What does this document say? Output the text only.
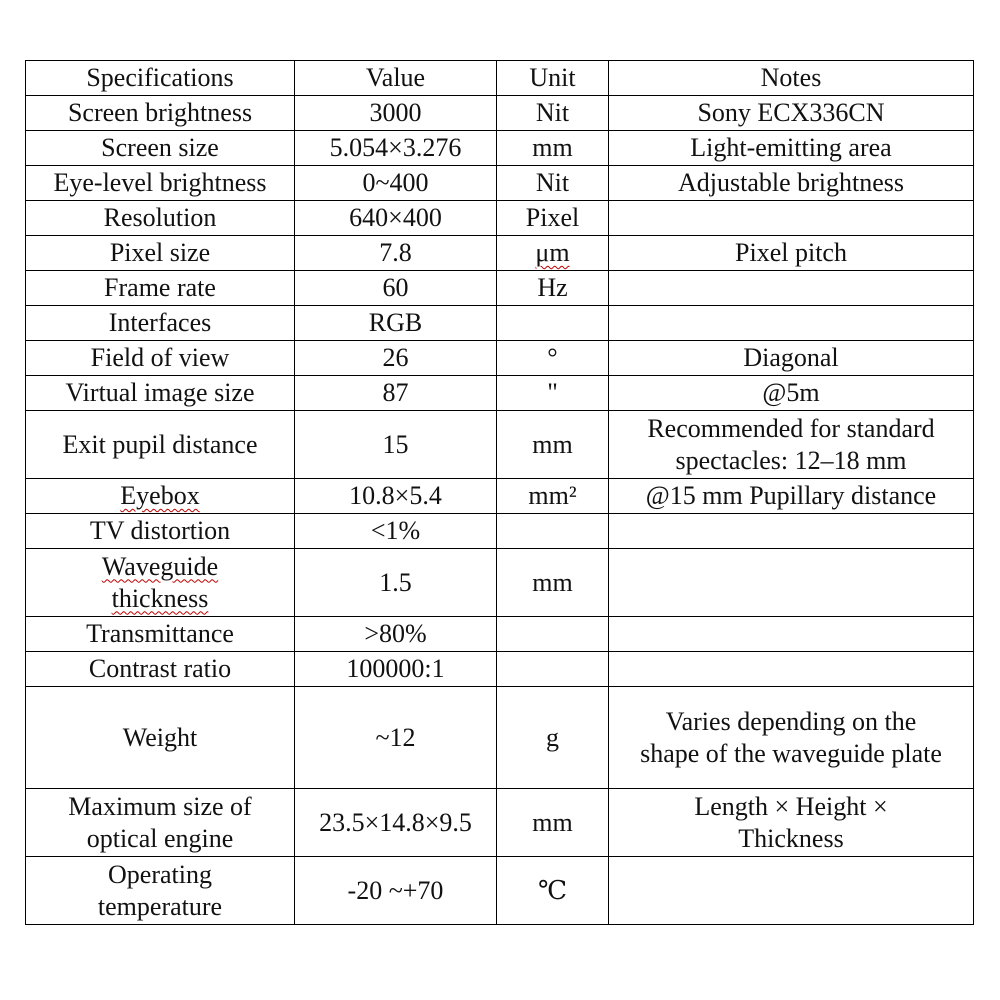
Specifications	Value	Unit	Notes
Screen brightness	3000	Nit	Sony ECX336CN
Screen size	5.054×3.276	mm	Light-emitting area
Eye-level brightness	0~400	Nit	Adjustable brightness
Resolution	640×400	Pixel	
Pixel size	7.8	μm	Pixel pitch
Frame rate	60	Hz	
Interfaces	RGB		
Field of view	26	°	Diagonal
Virtual image size	87	"	@5m
Exit pupil distance	15	mm	Recommended for standard spectacles: 12–18 mm
Eyebox	10.8×5.4	mm²	@15 mm Pupillary distance
TV distortion	<1%		
Waveguide thickness	1.5	mm	
Transmittance	>80%		
Contrast ratio	100000:1		
Weight	~12	g	Varies depending on the shape of the waveguide plate
Maximum size of optical engine	23.5×14.8×9.5	mm	Length × Height × Thickness
Operating temperature	-20 ~+70	℃	
